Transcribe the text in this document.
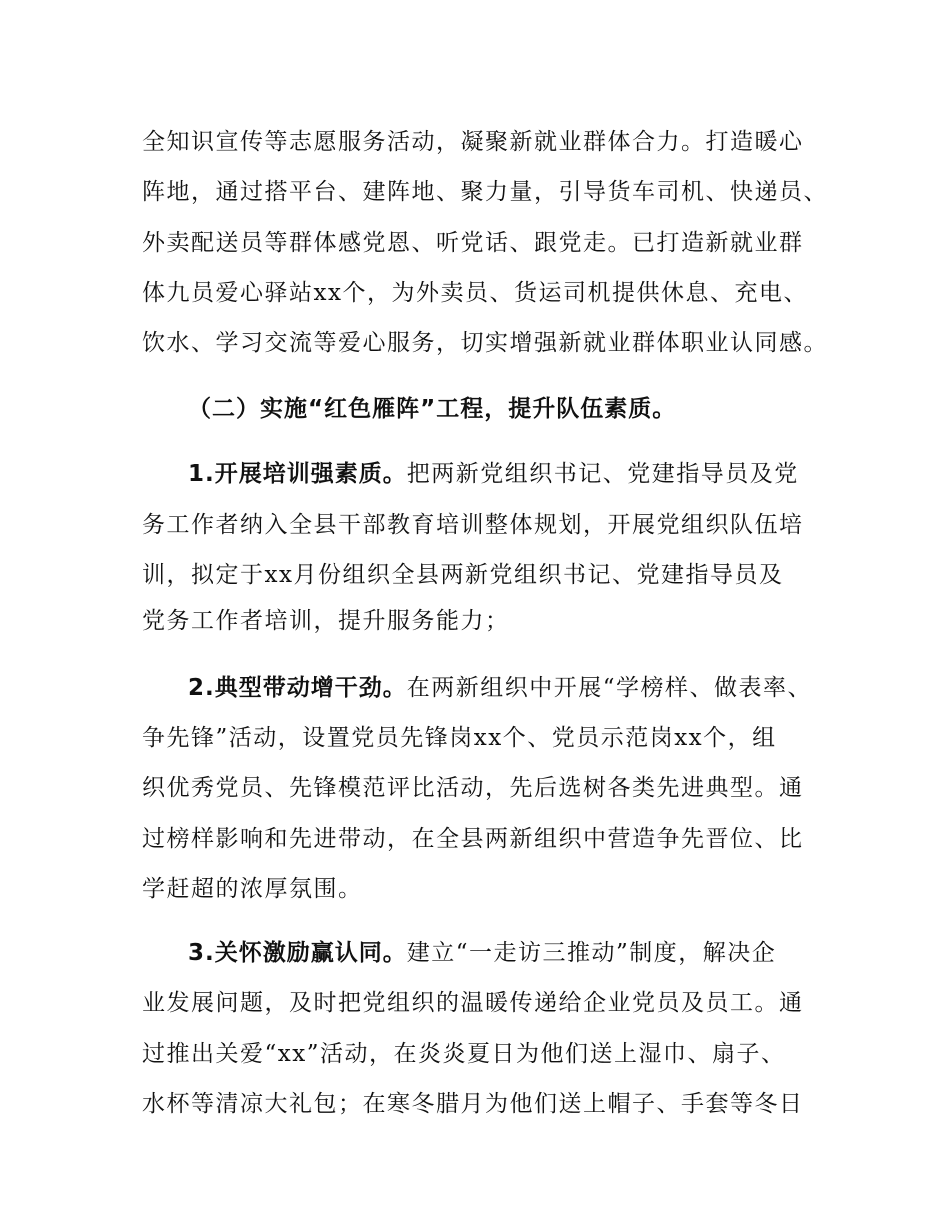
全知识宣传等志愿服务活动，凝聚新就业群体合力。打造暖心
阵地，通过搭平台、建阵地、聚力量，引导货车司机、快递员、
外卖配送员等群体感党恩、听党话、跟党走。已打造新就业群
体九员爱心驿站xx个，为外卖员、货运司机提供休息、充电、
饮水、学习交流等爱心服务，切实增强新就业群体职业认同感。
（二）实施“红色雁阵”工程，提升队伍素质。
1.开展培训强素质。把两新党组织书记、党建指导员及党
务工作者纳入全县干部教育培训整体规划，开展党组织队伍培
训，拟定于xx月份组织全县两新党组织书记、党建指导员及
党务工作者培训，提升服务能力；
2.典型带动增干劲。在两新组织中开展“学榜样、做表率、
争先锋”活动，设置党员先锋岗xx个、党员示范岗xx个，组
织优秀党员、先锋模范评比活动，先后选树各类先进典型。通
过榜样影响和先进带动，在全县两新组织中营造争先晋位、比
学赶超的浓厚氛围。
3.关怀激励赢认同。建立“一走访三推动”制度，解决企
业发展问题，及时把党组织的温暖传递给企业党员及员工。通
过推出关爱“xx”活动，在炎炎夏日为他们送上湿巾、扇子、
水杯等清凉大礼包；在寒冬腊月为他们送上帽子、手套等冬日
